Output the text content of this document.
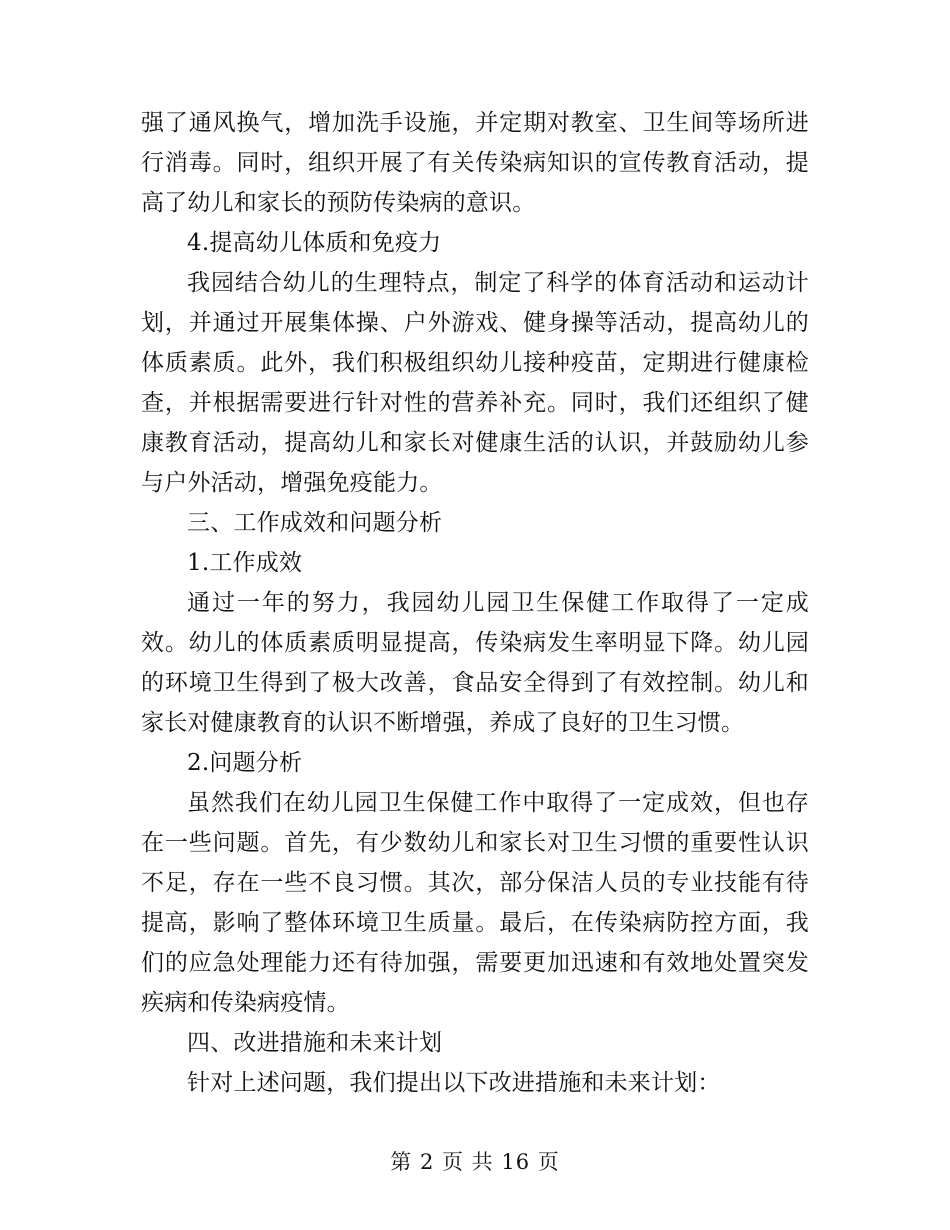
强了通风换气，增加洗手设施，并定期对教室、卫生间等场所进行消毒。同时，组织开展了有关传染病知识的宣传教育活动，提高了幼儿和家长的预防传染病的意识。

4.提高幼儿体质和免疫力

我园结合幼儿的生理特点，制定了科学的体育活动和运动计划，并通过开展集体操、户外游戏、健身操等活动，提高幼儿的体质素质。此外，我们积极组织幼儿接种疫苗，定期进行健康检查，并根据需要进行针对性的营养补充。同时，我们还组织了健康教育活动，提高幼儿和家长对健康生活的认识，并鼓励幼儿参与户外活动，增强免疫能力。

三、工作成效和问题分析

1.工作成效

通过一年的努力，我园幼儿园卫生保健工作取得了一定成效。幼儿的体质素质明显提高，传染病发生率明显下降。幼儿园的环境卫生得到了极大改善，食品安全得到了有效控制。幼儿和家长对健康教育的认识不断增强，养成了良好的卫生习惯。

2.问题分析

虽然我们在幼儿园卫生保健工作中取得了一定成效，但也存在一些问题。首先，有少数幼儿和家长对卫生习惯的重要性认识不足，存在一些不良习惯。其次，部分保洁人员的专业技能有待提高，影响了整体环境卫生质量。最后，在传染病防控方面，我们的应急处理能力还有待加强，需要更加迅速和有效地处置突发疾病和传染病疫情。

四、改进措施和未来计划

针对上述问题，我们提出以下改进措施和未来计划：

第 2 页 共 16 页
